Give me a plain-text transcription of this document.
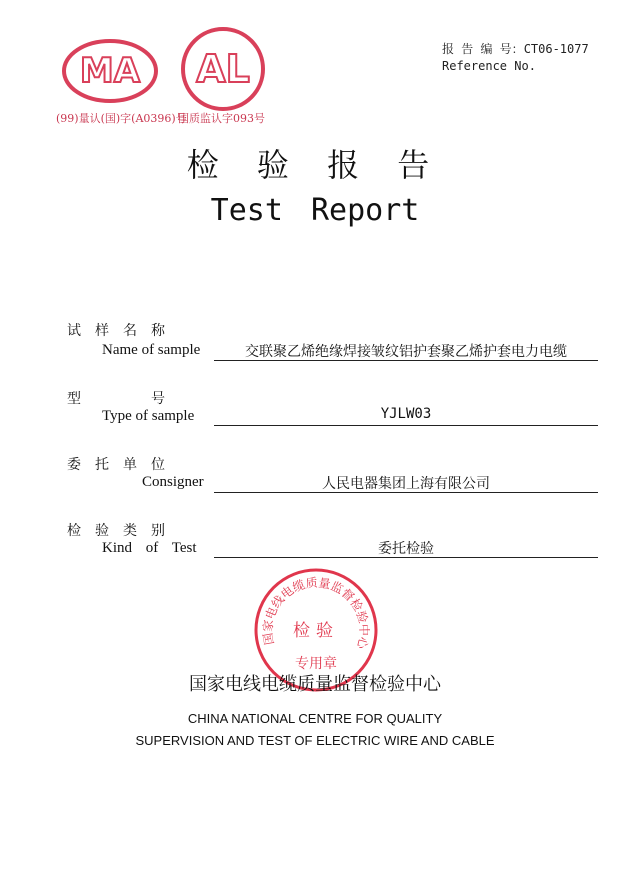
MA
(99)量认(国)字(A0396)号
AL
国质监认字093号
报 告 编 号：CT06-1077
Reference No.
检 验 报 告
Test Report
试　样　名　称
Name of sample	交联聚乙烯绝缘焊接皱纹铝护套聚乙烯护套电力电缆
型　　　　　号
Type of sample	YJLW03
委　托　单　位
Consigner	人民电器集团上海有限公司
检　验　类　别
Kind of Test	委托检验
国家电线电缆质量监督检验中心
检验
专用章
国家电线电缆质量监督检验中心
CHINA NATIONAL CENTRE FOR QUALITY
SUPERVISION AND TEST OF ELECTRIC WIRE AND CABLE
